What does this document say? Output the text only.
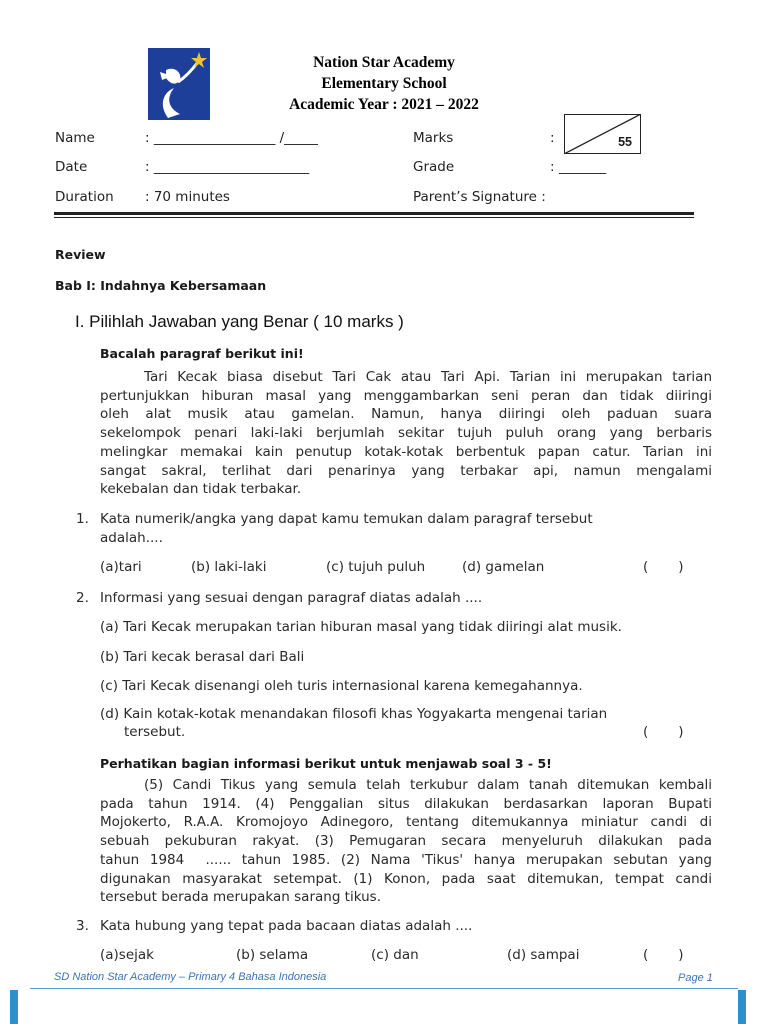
Nation Star Academy
Elementary School
Academic Year : 2021 – 2022
Name	: __________________ /_____
Date	: _______________________
Duration : 70 minutes
Marks	:	55
Grade	: _______
Parent’s Signature :
Review
Bab I: Indahnya Kebersamaan
I. Pilihlah Jawaban yang Benar ( 10 marks )
Bacalah paragraf berikut ini!
Tari Kecak biasa disebut Tari Cak atau Tari Api. Tarian ini merupakan tarian
pertunjukkan hiburan masal yang menggambarkan seni peran dan tidak diiringi
oleh alat musik atau gamelan. Namun, hanya diiringi oleh paduan suara
sekelompok penari laki-laki berjumlah sekitar tujuh puluh orang yang berbaris
melingkar memakai kain penutup kotak-kotak berbentuk papan catur. Tarian ini
sangat sakral, terlihat dari penarinya yang terbakar api, namun mengalami
kekebalan dan tidak terbakar.
1. Kata numerik/angka yang dapat kamu temukan dalam paragraf tersebut
adalah....
(a)tari	(b) laki-laki	(c) tujuh puluh	(d) gamelan	(       )
2. Informasi yang sesuai dengan paragraf diatas adalah ....
(a) Tari Kecak merupakan tarian hiburan masal yang tidak diiringi alat musik.
(b) Tari kecak berasal dari Bali
(c) Tari Kecak disenangi oleh turis internasional karena kemegahannya.
(d) Kain kotak-kotak menandakan filosofi khas Yogyakarta mengenai tarian
tersebut.	(       )
Perhatikan bagian informasi berikut untuk menjawab soal 3 - 5!
(5) Candi Tikus yang semula telah terkubur dalam tanah ditemukan kembali
pada tahun 1914. (4) Penggalian situs dilakukan berdasarkan laporan Bupati
Mojokerto, R.A.A. Kromojoyo Adinegoro, tentang ditemukannya miniatur candi di
sebuah pekuburan rakyat. (3) Pemugaran secara menyeluruh dilakukan pada
tahun 1984  ...... tahun 1985. (2) Nama 'Tikus' hanya merupakan sebutan yang
digunakan masyarakat setempat. (1) Konon, pada saat ditemukan, tempat candi
tersebut berada merupakan sarang tikus.
3. Kata hubung yang tepat pada bacaan diatas adalah ....
(a)sejak	(b) selama	(c) dan	(d) sampai	(       )
SD Nation Star Academy – Primary 4 Bahasa Indonesia	Page 1
